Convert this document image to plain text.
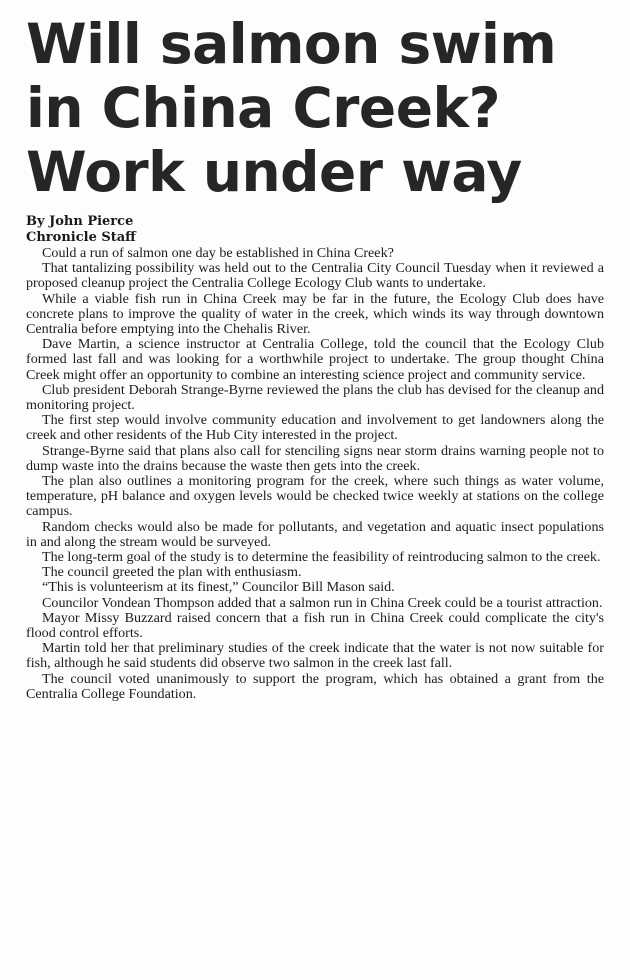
Will salmon swim
in China Creek?
Work under way
By John Pierce
Chronicle Staff

Could a run of salmon one day be established in China Creek?

That tantalizing possibility was held out to the Centralia City Council Tuesday when it reviewed a proposed cleanup project the Centralia College Ecology Club wants to undertake.

While a viable fish run in China Creek may be far in the future, the Ecology Club does have concrete plans to improve the quality of water in the creek, which winds its way through downtown Centralia before emptying into the Chehalis River.

Dave Martin, a science instructor at Centralia College, told the council that the Ecology Club formed last fall and was looking for a worthwhile project to undertake. The group thought China Creek might offer an opportunity to combine an interesting science project and community service.

Club president Deborah Strange-Byrne reviewed the plans the club has devised for the cleanup and monitoring project.

The first step would involve community education and involvement to get landowners along the creek and other residents of the Hub City interested in the project.

Strange-Byrne said that plans also call for stenciling signs near storm drains warning people not to dump waste into the drains because the waste then gets into the creek.

The plan also outlines a monitoring program for the creek, where such things as water volume, temperature, pH balance and oxygen levels would be checked twice weekly at stations on the college campus.

Random checks would also be made for pollutants, and vegetation and aquatic insect populations in and along the stream would be surveyed.

The long-term goal of the study is to determine the feasibility of reintroducing salmon to the creek.

The council greeted the plan with enthusiasm.

“This is volunteerism at its finest,” Councilor Bill Mason said.

Councilor Vondean Thompson added that a salmon run in China Creek could be a tourist attraction.

Mayor Missy Buzzard raised concern that a fish run in China Creek could complicate the city's flood control efforts.

Martin told her that preliminary studies of the creek indicate that the water is not now suitable for fish, although he said students did observe two salmon in the creek last fall.

The council voted unanimously to support the program, which has obtained a grant from the Centralia College Foundation.
